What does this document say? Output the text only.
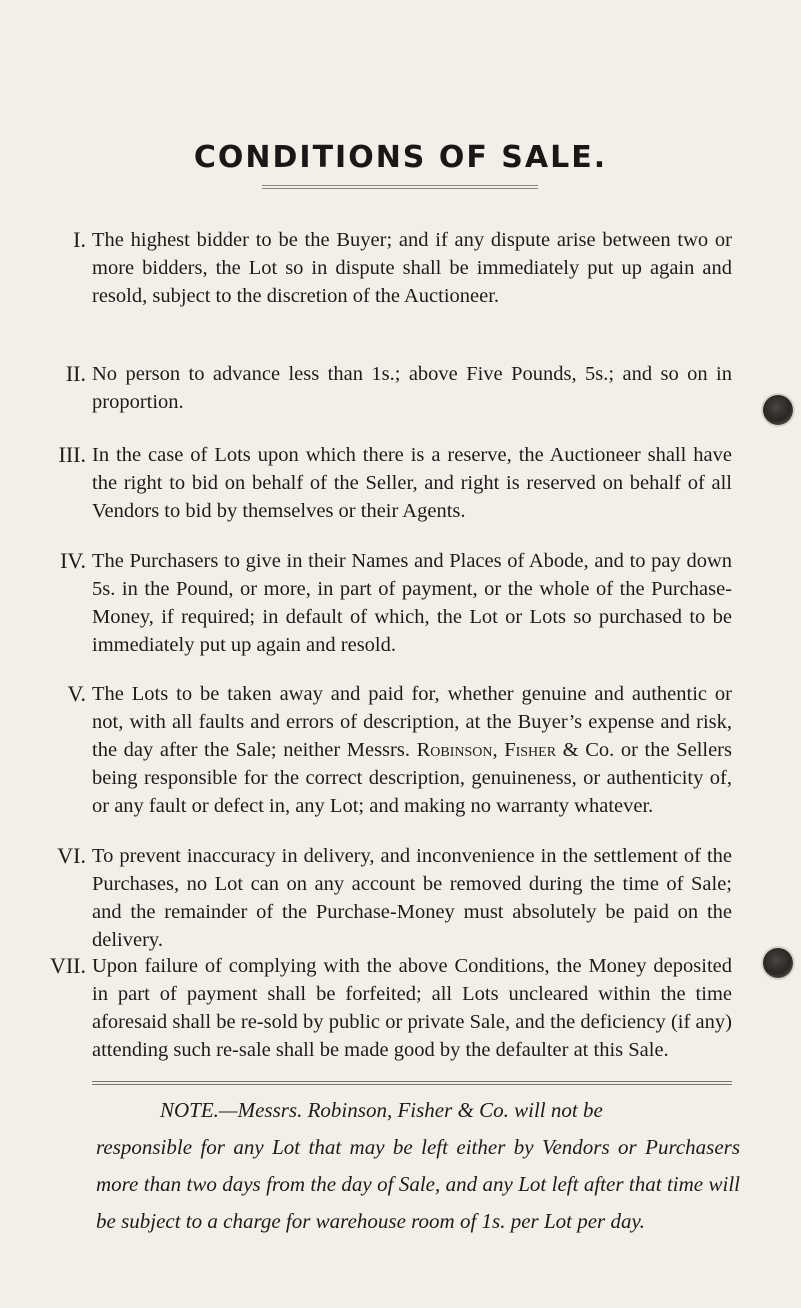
CONDITIONS OF SALE.
I. The highest bidder to be the Buyer; and if any dispute arise between two or more bidders, the Lot so in dispute shall be immediately put up again and resold, subject to the discretion of the Auctioneer.
II. No person to advance less than 1s.; above Five Pounds, 5s.; and so on in proportion.
III. In the case of Lots upon which there is a reserve, the Auctioneer shall have the right to bid on behalf of the Seller, and right is reserved on behalf of all Vendors to bid by themselves or their Agents.
IV. The Purchasers to give in their Names and Places of Abode, and to pay down 5s. in the Pound, or more, in part of payment, or the whole of the Purchase-Money, if required; in default of which, the Lot or Lots so purchased to be immediately put up again and resold.
V. The Lots to be taken away and paid for, whether genuine and authentic or not, with all faults and errors of description, at the Buyer’s expense and risk, the day after the Sale; neither Messrs. Robinson, Fisher & Co. or the Sellers being responsible for the correct description, genuineness, or authenticity of, or any fault or defect in, any Lot; and making no warranty whatever.
VI. To prevent inaccuracy in delivery, and inconvenience in the settlement of the Purchases, no Lot can on any account be removed during the time of Sale; and the remainder of the Purchase-Money must absolutely be paid on the delivery.
VII. Upon failure of complying with the above Conditions, the Money deposited in part of payment shall be forfeited; all Lots uncleared within the time aforesaid shall be re-sold by public or private Sale, and the deficiency (if any) attending such re-sale shall be made good by the defaulter at this Sale.
NOTE.—Messrs. Robinson, Fisher & Co. will not be
responsible for any Lot that may be left either by Vendors or Purchasers more than two days from the day of Sale, and any Lot left after that time will be subject to a charge for warehouse room of 1s. per Lot per day.
